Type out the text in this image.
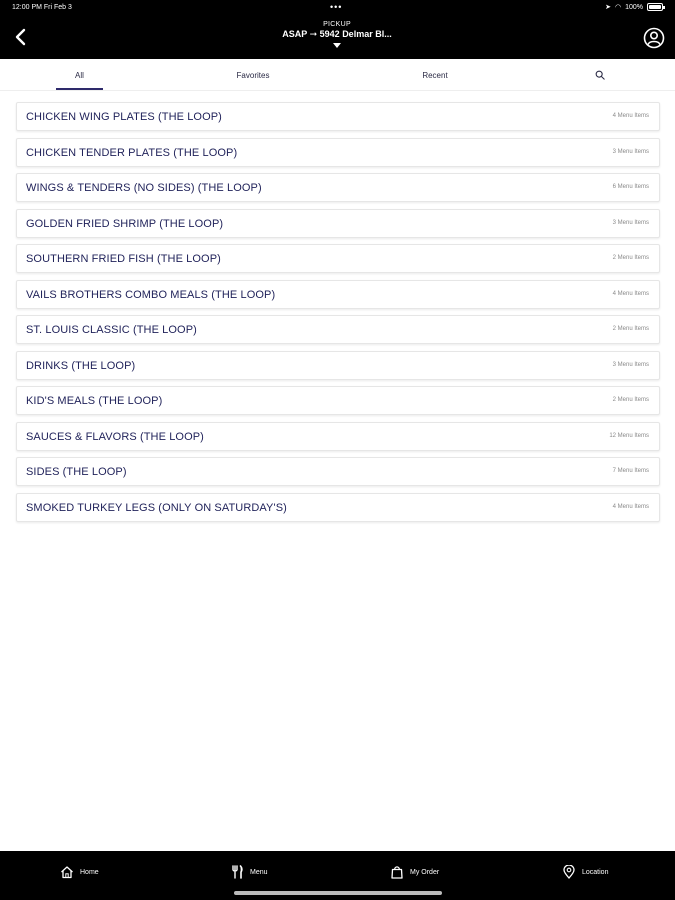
12:00 PM Fri Feb 3	•••	➤ ◠ 100%
PICKUP
ASAP ➞ 5942 Delmar Bl...
All	Favorites	Recent
CHICKEN WING PLATES (THE LOOP)	4 Menu Items
CHICKEN TENDER PLATES (THE LOOP)	3 Menu Items
WINGS & TENDERS (NO SIDES) (THE LOOP)	6 Menu Items
GOLDEN FRIED SHRIMP (THE LOOP)	3 Menu Items
SOUTHERN FRIED FISH (THE LOOP)	2 Menu Items
VAILS BROTHERS COMBO MEALS (THE LOOP)	4 Menu Items
ST. LOUIS CLASSIC (THE LOOP)	2 Menu Items
DRINKS (THE LOOP)	3 Menu Items
KID'S MEALS (THE LOOP)	2 Menu Items
SAUCES & FLAVORS (THE LOOP)	12 Menu Items
SIDES (THE LOOP)	7 Menu Items
SMOKED TURKEY LEGS (ONLY ON SATURDAY'S)	4 Menu Items
Home	Menu	My Order	Location
